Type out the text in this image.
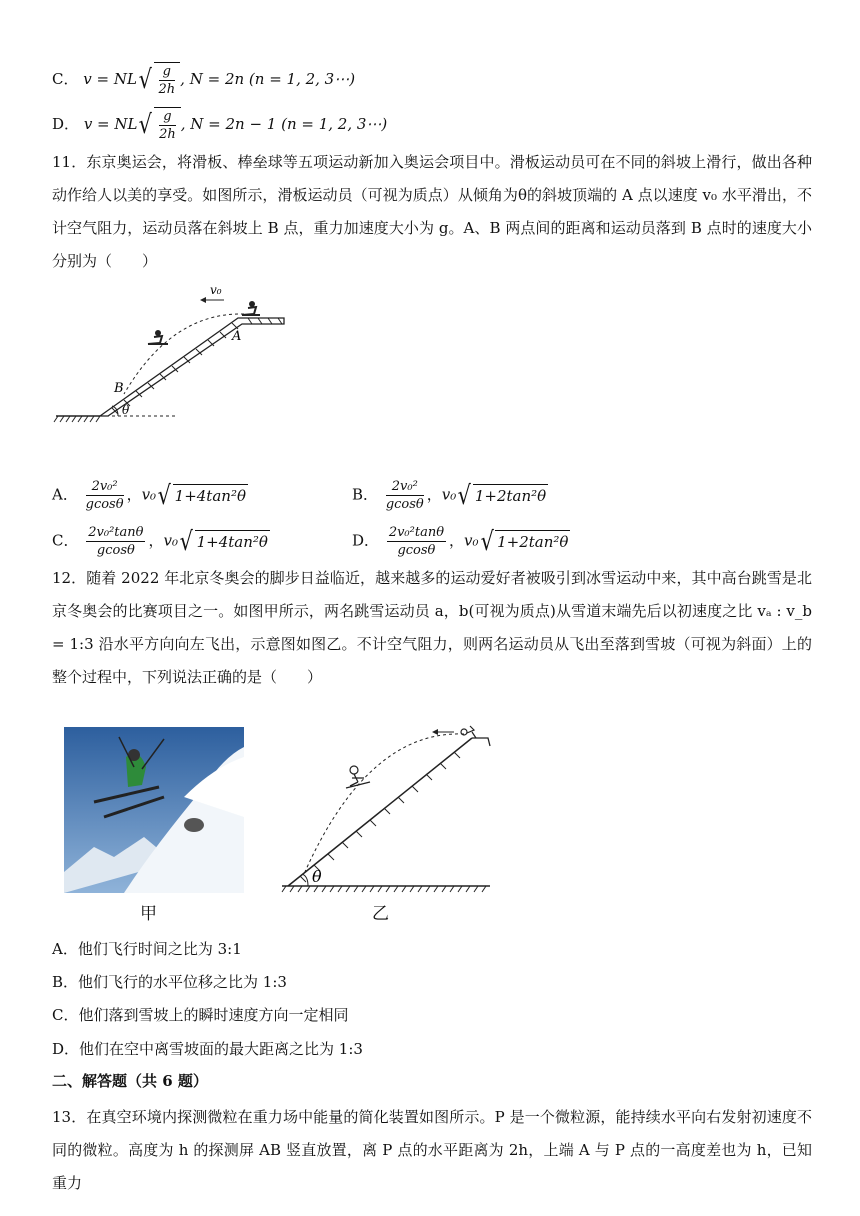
C． $v = NL√ \frac{g}{2h}$ , N = 2n (n = 1, 2, 3⋯)
D． $v = NL√ \frac{g}{2h}$ , N = 2n − 1 (n = 1, 2, 3⋯)
11．东京奥运会，将滑板、棒垒球等五项运动新加入奥运会项目中。滑板运动员可在不同的斜坡上滑行，做出各种动作给人以美的享受。如图所示，滑板运动员（可视为质点）从倾角为θ的斜坡顶端的 A 点以速度 v₀ 水平滑出，不计空气阻力，运动员落在斜坡上 B 点，重力加速度大小为 g。A、B 两点间的距离和运动员落到 B 点时的速度大小分别为（　　）
v₀
A
B
θ
A． $\frac{\text{2v₀²}}{gcos\theta}$ ，v₀√ 1+4tan²θ	B． $\frac{\text{2v₀²}}{gcos\theta}$ ，v₀√ 1+2tan²θ
C． $\frac{\text{2v₀²tanθ}}{gcos\theta}$ ，v₀√ 1+4tan²θ	D． $\frac{\text{2v₀²tanθ}}{gcos\theta}$ ，v₀√ 1+2tan²θ
12．随着 2022 年北京冬奥会的脚步日益临近，越来越多的运动爱好者被吸引到冰雪运动中来，其中高台跳雪是北京冬奥会的比赛项目之一。如图甲所示，两名跳雪运动员 a，b(可视为质点)从雪道末端先后以初速度之比 vₐ : v_b = 1:3 沿水平方向向左飞出，示意图如图乙。不计空气阻力，则两名运动员从飞出至落到雪坡（可视为斜面）上的整个过程中，下列说法正确的是（　　）
甲
θ
乙
A．他们飞行时间之比为 3:1
B．他们飞行的水平位移之比为 1:3
C．他们落到雪坡上的瞬时速度方向一定相同
D．他们在空中离雪坡面的最大距离之比为 1:3
二、解答题（共 6 题）
13．在真空环境内探测微粒在重力场中能量的简化装置如图所示。P 是一个微粒源，能持续水平向右发射初速度不同的微粒。高度为 h 的探测屏 AB 竖直放置，离 P 点的水平距离为 2h，上端 A 与 P 点的一高度差也为 h，已知重力
